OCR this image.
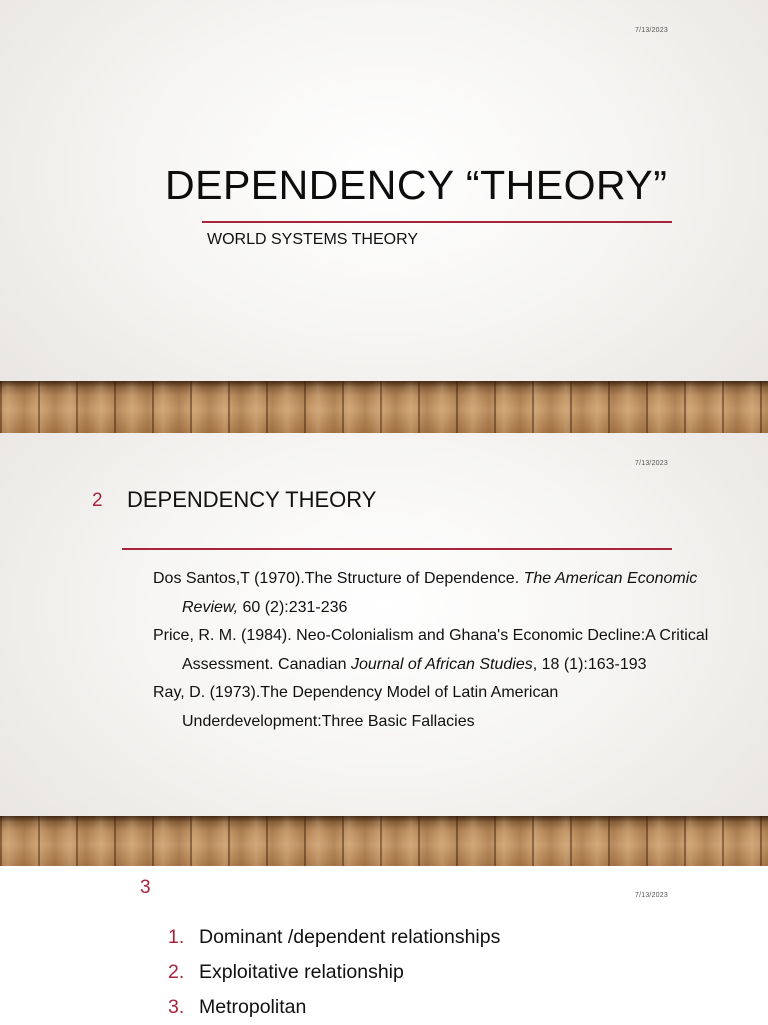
7/13/2023
DEPENDENCY “THEORY”
WORLD SYSTEMS THEORY
7/13/2023
2 DEPENDENCY THEORY

Dos Santos,T (1970).The Structure of Dependence. The American Economic Review, 60 (2):231-236

Price, R. M. (1984). Neo-Colonialism and Ghana's Economic Decline:A Critical Assessment. Canadian Journal of African Studies, 18 (1):163-193

Ray, D. (1973).The Dependency Model of Latin American Underdevelopment:Three Basic Fallacies

3	7/13/2023
1. Dominant /dependent relationships
2. Exploitative relationship
3. Metropolitan
